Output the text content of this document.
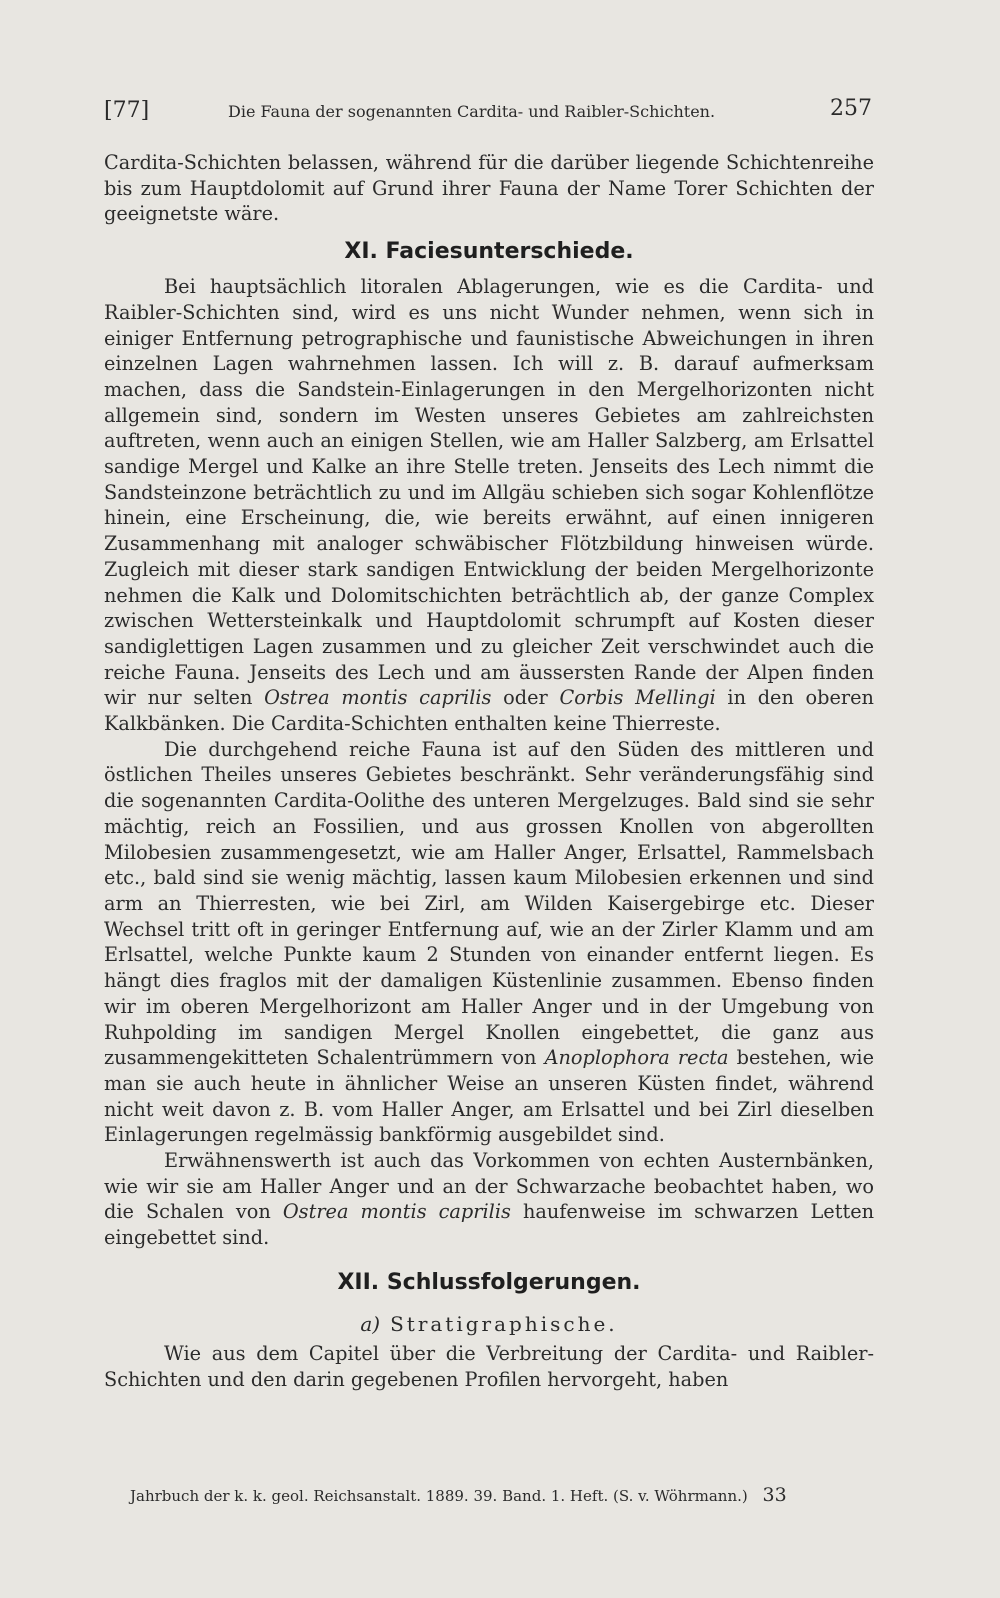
[77]	Die Fauna der sogenannten Cardita- und Raibler-Schichten.	257

Cardita-Schichten belassen, während für die darüber liegende Schichtenreihe bis zum Hauptdolomit auf Grund ihrer Fauna der Name Torer Schichten der geeignetste wäre.

XI. Faciesunterschiede.

Bei hauptsächlich litoralen Ablagerungen, wie es die Cardita- und Raibler-Schichten sind, wird es uns nicht Wunder nehmen, wenn sich in einiger Entfernung petrographische und faunistische Abweichungen in ihren einzelnen Lagen wahrnehmen lassen. Ich will z. B. darauf aufmerksam machen, dass die Sandstein-Einlagerungen in den Mergelhorizonten nicht allgemein sind, sondern im Westen unseres Gebietes am zahlreichsten auftreten, wenn auch an einigen Stellen, wie am Haller Salzberg, am Erlsattel sandige Mergel und Kalke an ihre Stelle treten. Jenseits des Lech nimmt die Sandsteinzone beträchtlich zu und im Allgäu schieben sich sogar Kohlenflötze hinein, eine Erscheinung, die, wie bereits erwähnt, auf einen innigeren Zusammenhang mit analoger schwäbischer Flötzbildung hinweisen würde. Zugleich mit dieser stark sandigen Entwicklung der beiden Mergelhorizonte nehmen die Kalk und Dolomitschichten beträchtlich ab, der ganze Complex zwischen Wettersteinkalk und Hauptdolomit schrumpft auf Kosten dieser sandiglettigen Lagen zusammen und zu gleicher Zeit verschwindet auch die reiche Fauna. Jenseits des Lech und am äussersten Rande der Alpen finden wir nur selten Ostrea montis caprilis oder Corbis Mellingi in den oberen Kalkbänken. Die Cardita-Schichten enthalten keine Thierreste.

Die durchgehend reiche Fauna ist auf den Süden des mittleren und östlichen Theiles unseres Gebietes beschränkt. Sehr veränderungsfähig sind die sogenannten Cardita-Oolithe des unteren Mergelzuges. Bald sind sie sehr mächtig, reich an Fossilien, und aus grossen Knollen von abgerollten Milobesien zusammengesetzt, wie am Haller Anger, Erlsattel, Rammelsbach etc., bald sind sie wenig mächtig, lassen kaum Milobesien erkennen und sind arm an Thierresten, wie bei Zirl, am Wilden Kaisergebirge etc. Dieser Wechsel tritt oft in geringer Entfernung auf, wie an der Zirler Klamm und am Erlsattel, welche Punkte kaum 2 Stunden von einander entfernt liegen. Es hängt dies fraglos mit der damaligen Küstenlinie zusammen. Ebenso finden wir im oberen Mergelhorizont am Haller Anger und in der Umgebung von Ruhpolding im sandigen Mergel Knollen eingebettet, die ganz aus zusammengekitteten Schalentrümmern von Anoplophora recta bestehen, wie man sie auch heute in ähnlicher Weise an unseren Küsten findet, während nicht weit davon z. B. vom Haller Anger, am Erlsattel und bei Zirl dieselben Einlagerungen regelmässig bankförmig ausgebildet sind.

Erwähnenswerth ist auch das Vorkommen von echten Austernbänken, wie wir sie am Haller Anger und an der Schwarzache beobachtet haben, wo die Schalen von Ostrea montis caprilis haufenweise im schwarzen Letten eingebettet sind.

XII. Schlussfolgerungen.

a) Stratigraphische.

Wie aus dem Capitel über die Verbreitung der Cardita- und Raibler-Schichten und den darin gegebenen Profilen hervorgeht, haben

Jahrbuch der k. k. geol. Reichsanstalt. 1889. 39. Band. 1. Heft. (S. v. Wöhrmann.) 33
